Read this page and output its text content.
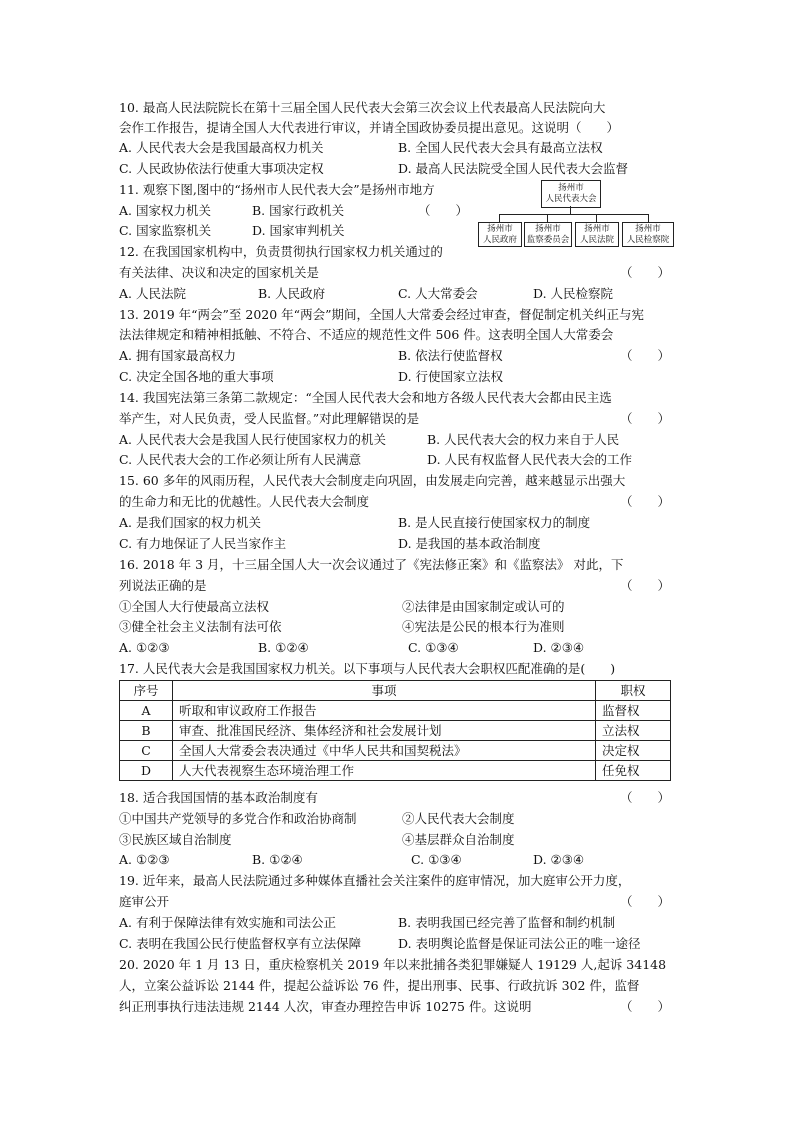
10. 最高人民法院院长在第十三届全国人民代表大会第三次会议上代表最高人民法院向大
会作工作报告，提请全国人大代表进行审议，并请全国政协委员提出意见。这说明（　　）
A. 人民代表大会是我国最高权力机关	B. 全国人民代表大会具有最高立法权
C. 人民政协依法行使重大事项决定权	D. 最高人民法院受全国人民代表大会监督
11. 观察下图,图中的“扬州市人民代表大会”是扬州市地方
A. 国家权力机关	B. 国家行政机关	（　　）
C. 国家监察机关	D. 国家审判机关
扬州市
人民代表大会
扬州市
人民政府
扬州市
监察委员会
扬州市
人民法院
扬州市
人民检察院
12. 在我国国家机构中，负责贯彻执行国家权力机关通过的
有关法律、决议和决定的国家机关是	（　　）
A. 人民法院	B. 人民政府	C. 人大常委会	D. 人民检察院
13. 2019 年“两会”至 2020 年“两会”期间，全国人大常委会经过审查，督促制定机关纠正与宪
法法律规定和精神相抵触、不符合、不适应的规范性文件 506 件。这表明全国人大常委会
A. 拥有国家最高权力	B. 依法行使监督权	（　　）
C. 决定全国各地的重大事项	D. 行使国家立法权
14. 我国宪法第三条第二款规定：“全国人民代表大会和地方各级人民代表大会都由民主选
举产生，对人民负责，受人民监督。”对此理解错误的是	（　　）
A. 人民代表大会是我国人民行使国家权力的机关	B. 人民代表大会的权力来自于人民
C. 人民代表大会的工作必须让所有人民满意	D. 人民有权监督人民代表大会的工作
15. 60 多年的风雨历程，人民代表大会制度走向巩固，由发展走向完善，越来越显示出强大
的生命力和无比的优越性。人民代表大会制度	（　　）
A. 是我们国家的权力机关	B. 是人民直接行使国家权力的制度
C. 有力地保证了人民当家作主	D. 是我国的基本政治制度
16. 2018 年 3 月，十三届全国人大一次会议通过了《宪法修正案》和《监察法》 对此，下
列说法正确的是	（　　）
①全国人大行使最高立法权	②法律是由国家制定或认可的
③健全社会主义法制有法可依	④宪法是公民的根本行为准则
A. ①②③	B. ①②④	C. ①③④	D. ②③④
17. 人民代表大会是我国国家权力机关。以下事项与人民代表大会职权匹配准确的是(　　)
序号	事项	职权
A	听取和审议政府工作报告	监督权
B	审查、批准国民经济、集体经济和社会发展计划	立法权
C	全国人大常委会表决通过《中华人民共和国契税法》	决定权
D	人大代表视察生态环境治理工作	任免权
18. 适合我国国情的基本政治制度有	（　　）
①中国共产党领导的多党合作和政治协商制	②人民代表大会制度
③民族区域自治制度	④基层群众自治制度
A. ①②③	B. ①②④	C. ①③④	D. ②③④
19. 近年来，最高人民法院通过多种媒体直播社会关注案件的庭审情况，加大庭审公开力度，
庭审公开	（　　）
A. 有利于保障法律有效实施和司法公正	B. 表明我国已经完善了监督和制约机制
C. 表明在我国公民行使监督权享有立法保障	D. 表明舆论监督是保证司法公正的唯一途径
20. 2020 年 1 月 13 日，重庆检察机关 2019 年以来批捕各类犯罪嫌疑人 19129 人,起诉 34148
人，立案公益诉讼 2144 件，提起公益诉讼 76 件，提出刑事、民事、行政抗诉 302 件，监督
纠正刑事执行违法违规 2144 人次，审查办理控告申诉 10275 件。这说明	（　　）
